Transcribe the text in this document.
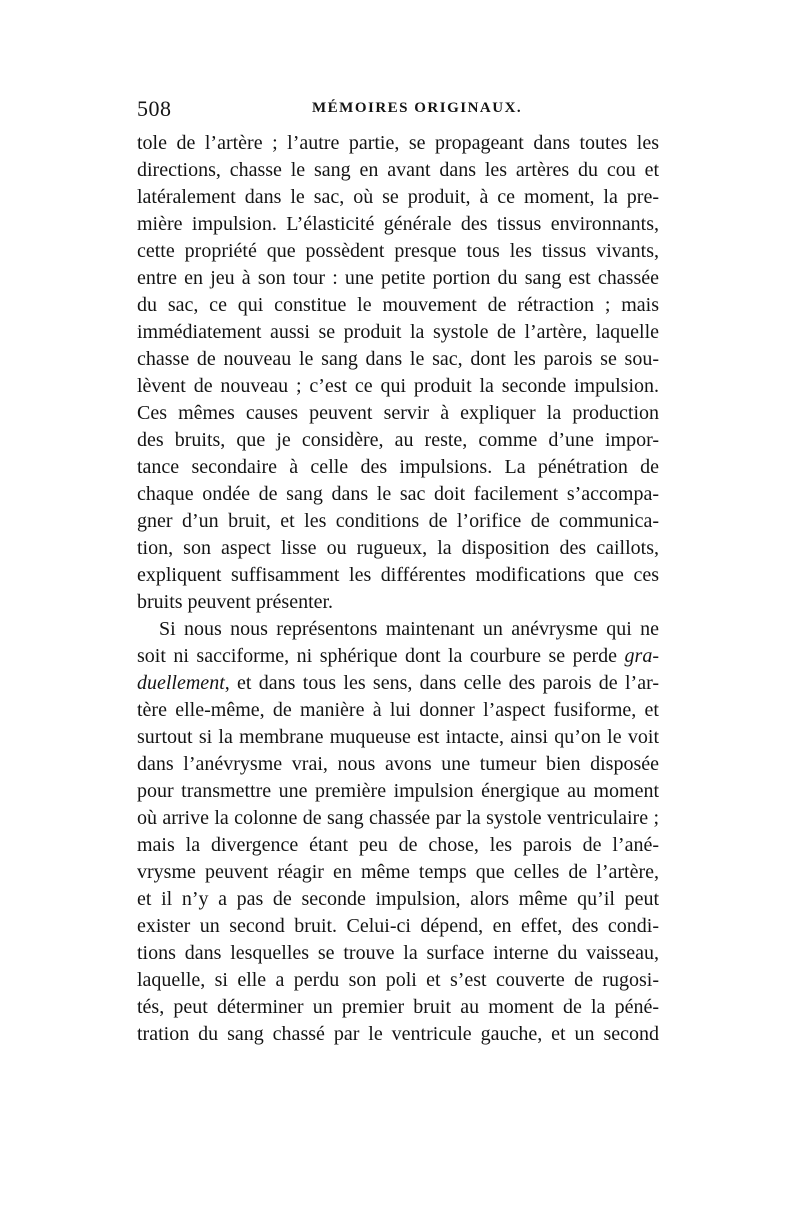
508	MÉMOIRES ORIGINAUX.
tole de l’artère ; l’autre partie, se propageant dans toutes les
directions, chasse le sang en avant dans les artères du cou et
latéralement dans le sac, où se produit, à ce moment, la pre-
mière impulsion. L’élasticité générale des tissus environnants,
cette propriété que possèdent presque tous les tissus vivants,
entre en jeu à son tour : une petite portion du sang est chassée
du sac, ce qui constitue le mouvement de rétraction ; mais
immédiatement aussi se produit la systole de l’artère, laquelle
chasse de nouveau le sang dans le sac, dont les parois se sou-
lèvent de nouveau ; c’est ce qui produit la seconde impulsion.
Ces mêmes causes peuvent servir à expliquer la production
des bruits, que je considère, au reste, comme d’une impor-
tance secondaire à celle des impulsions. La pénétration de
chaque ondée de sang dans le sac doit facilement s’accompa-
gner d’un bruit, et les conditions de l’orifice de communica-
tion, son aspect lisse ou rugueux, la disposition des caillots,
expliquent suffisamment les différentes modifications que ces
bruits peuvent présenter.
Si nous nous représentons maintenant un anévrysme qui ne
soit ni sacciforme, ni sphérique dont la courbure se perde gra-
duellement, et dans tous les sens, dans celle des parois de l’ar-
tère elle-même, de manière à lui donner l’aspect fusiforme, et
surtout si la membrane muqueuse est intacte, ainsi qu’on le voit
dans l’anévrysme vrai, nous avons une tumeur bien disposée
pour transmettre une première impulsion énergique au moment
où arrive la colonne de sang chassée par la systole ventriculaire ;
mais la divergence étant peu de chose, les parois de l’ané-
vrysme peuvent réagir en même temps que celles de l’artère,
et il n’y a pas de seconde impulsion, alors même qu’il peut
exister un second bruit. Celui-ci dépend, en effet, des condi-
tions dans lesquelles se trouve la surface interne du vaisseau,
laquelle, si elle a perdu son poli et s’est couverte de rugosi-
tés, peut déterminer un premier bruit au moment de la péné-
tration du sang chassé par le ventricule gauche, et un second
